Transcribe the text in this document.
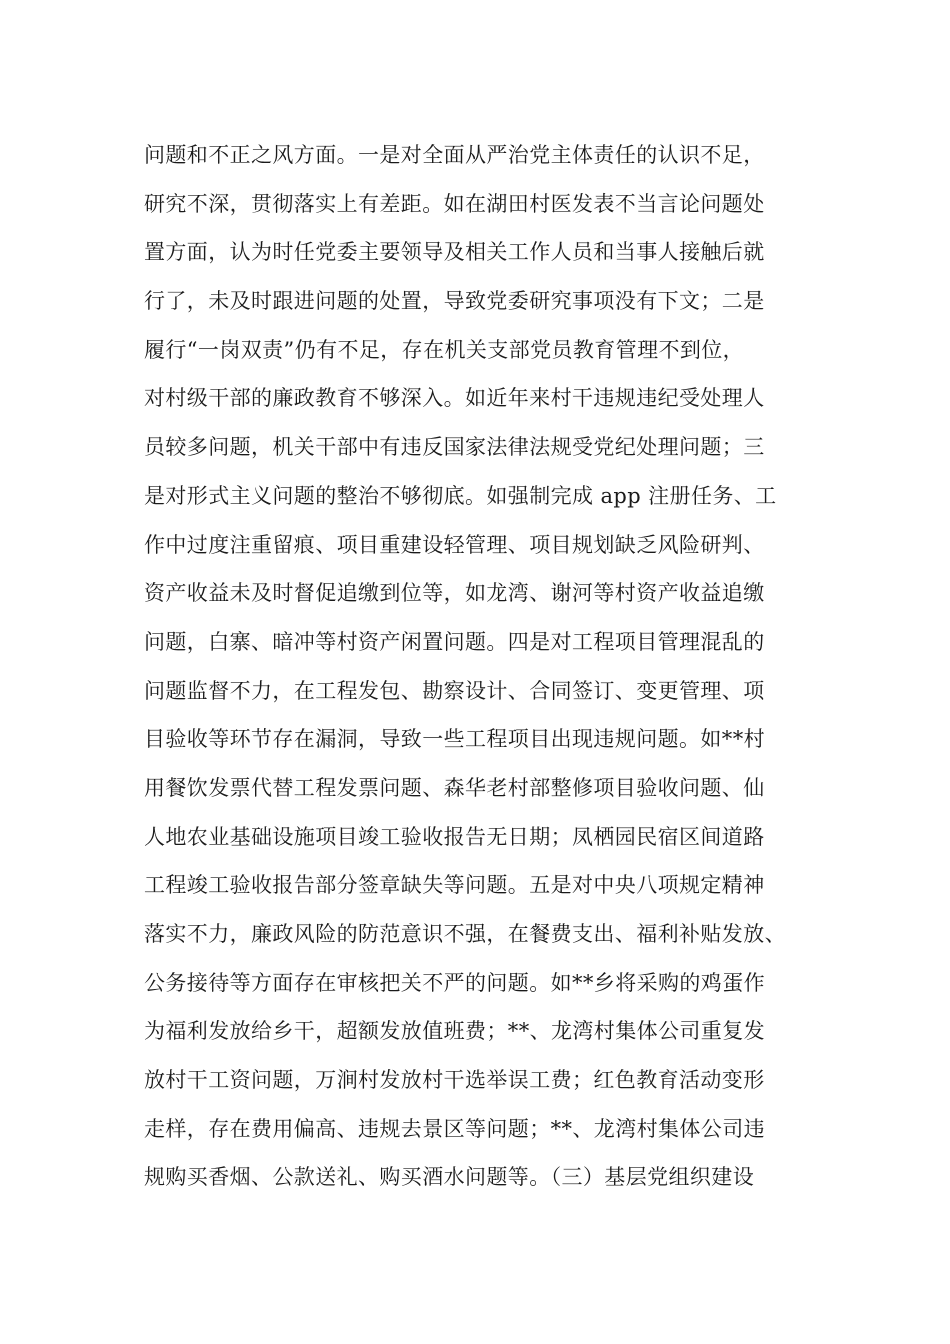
问题和不正之风方面。一是对全面从严治党主体责任的认识不足，
研究不深，贯彻落实上有差距。如在湖田村医发表不当言论问题处
置方面，认为时任党委主要领导及相关工作人员和当事人接触后就
行了，未及时跟进问题的处置，导致党委研究事项没有下文；二是
履行“一岗双责”仍有不足，存在机关支部党员教育管理不到位，
对村级干部的廉政教育不够深入。如近年来村干违规违纪受处理人
员较多问题，机关干部中有违反国家法律法规受党纪处理问题；三
是对形式主义问题的整治不够彻底。如强制完成 app 注册任务、工
作中过度注重留痕、项目重建设轻管理、项目规划缺乏风险研判、
资产收益未及时督促追缴到位等，如龙湾、谢河等村资产收益追缴
问题，白寨、暗冲等村资产闲置问题。四是对工程项目管理混乱的
问题监督不力，在工程发包、勘察设计、合同签订、变更管理、项
目验收等环节存在漏洞，导致一些工程项目出现违规问题。如**村
用餐饮发票代替工程发票问题、森华老村部整修项目验收问题、仙
人地农业基础设施项目竣工验收报告无日期；凤栖园民宿区间道路
工程竣工验收报告部分签章缺失等问题。五是对中央八项规定精神
落实不力，廉政风险的防范意识不强，在餐费支出、福利补贴发放、
公务接待等方面存在审核把关不严的问题。如**乡将采购的鸡蛋作
为福利发放给乡干，超额发放值班费；**、龙湾村集体公司重复发
放村干工资问题，万涧村发放村干选举误工费；红色教育活动变形
走样，存在费用偏高、违规去景区等问题；**、龙湾村集体公司违
规购买香烟、公款送礼、购买酒水问题等。（三）基层党组织建设
